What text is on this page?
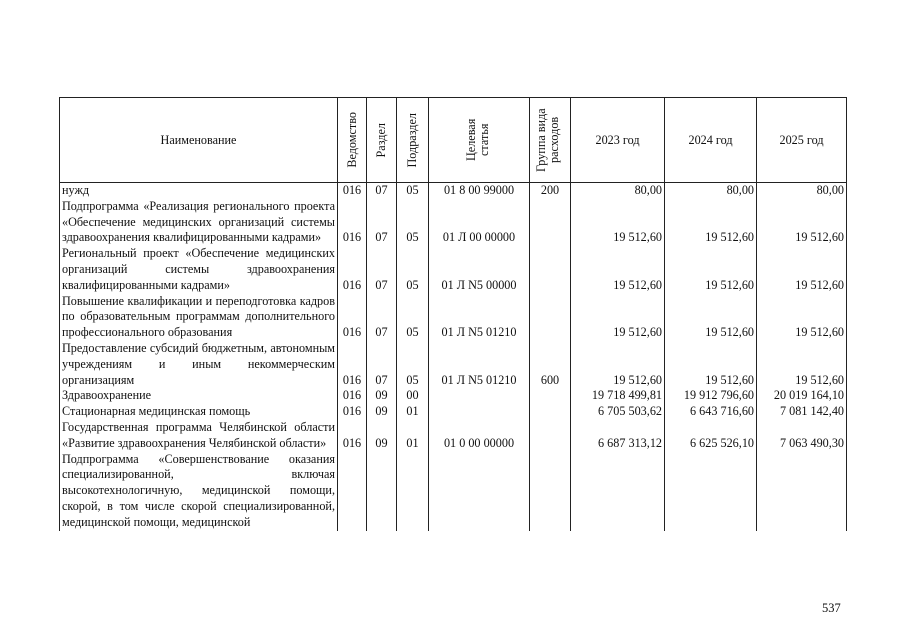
Наименование	Ведомство	Раздел	Подраздел	Целевая статья	Группа вида расходов	2023 год	2024 год	2025 год
нужд	016	07	05	01 8 00 99000	200	80,00	80,00	80,00
Подпрограмма «Реализация регионального проекта «Обеспечение медицинских организаций системы здравоохранения квалифицированными кадрами»	016	07	05	01 Л 00 00000		19 512,60	19 512,60	19 512,60
Региональный проект «Обеспечение медицинских организаций системы здравоохранения квалифицированными кадрами»	016	07	05	01 Л N5 00000		19 512,60	19 512,60	19 512,60
Повышение квалификации и переподготовка кадров по образовательным программам дополнительного профессионального образования	016	07	05	01 Л N5 01210		19 512,60	19 512,60	19 512,60
Предоставление субсидий бюджетным, автономным учреждениям и иным некоммерческим организациям	016	07	05	01 Л N5 01210	600	19 512,60	19 512,60	19 512,60
Здравоохранение	016	09	00			19 718 499,81	19 912 796,60	20 019 164,10
Стационарная медицинская помощь	016	09	01			6 705 503,62	6 643 716,60	7 081 142,40
Государственная программа Челябинской области «Развитие здравоохранения Челябинской области»	016	09	01	01 0 00 00000		6 687 313,12	6 625 526,10	7 063 490,30
Подпрограмма «Совершенствование оказания специализированной, включая высокотехнологичную, медицинской помощи, скорой, в том числе скорой специализированной, медицинской помощи, медицинской								
537
